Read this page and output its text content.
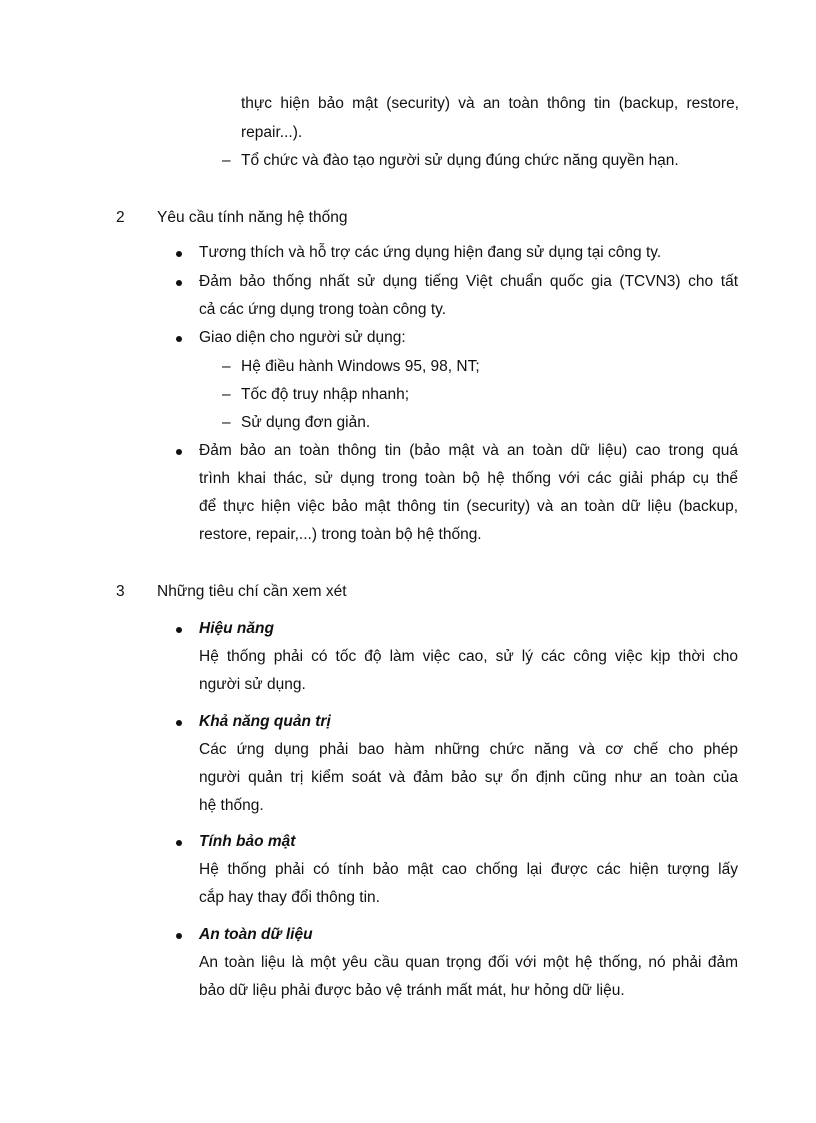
thực hiện bảo mật (security) và an toàn thông tin (backup, restore,
repair...).
– Tổ chức và đào tạo người sử dụng đúng chức năng quyền hạn.
2 Yêu cầu tính năng hệ thống
Tương thích và hỗ trợ các ứng dụng hiện đang sử dụng tại công ty.
Đảm bảo thống nhất sử dụng tiếng Việt chuẩn quốc gia (TCVN3) cho tất
cả các ứng dụng trong toàn công ty.
Giao diện cho người sử dụng:
– Hệ điều hành Windows 95, 98, NT;
– Tốc độ truy nhập nhanh;
– Sử dụng đơn giản.
Đảm bảo an toàn thông tin (bảo mật và an toàn dữ liệu) cao trong quá
trình khai thác, sử dụng trong toàn bộ hệ thống với các giải pháp cụ thể
để thực hiện việc bảo mật thông tin (security) và an toàn dữ liệu (backup,
restore, repair,...) trong toàn bộ hệ thống.
3 Những tiêu chí cần xem xét
Hiệu năng
Hệ thống phải có tốc độ làm việc cao, sử lý các công việc kịp thời cho
người sử dụng.
Khả năng quản trị
Các ứng dụng phải bao hàm những chức năng và cơ chế cho phép
người quản trị kiểm soát và đảm bảo sự ổn định cũng như an toàn của
hệ thống.
Tính bảo mật
Hệ thống phải có tính bảo mật cao chống lại được các hiện tượng lấy
cắp hay thay đổi thông tin.
An toàn dữ liệu
An toàn liệu là một yêu cầu quan trọng đối với một hệ thống, nó phải đảm
bảo dữ liệu phải được bảo vệ tránh mất mát, hư hỏng dữ liệu.
